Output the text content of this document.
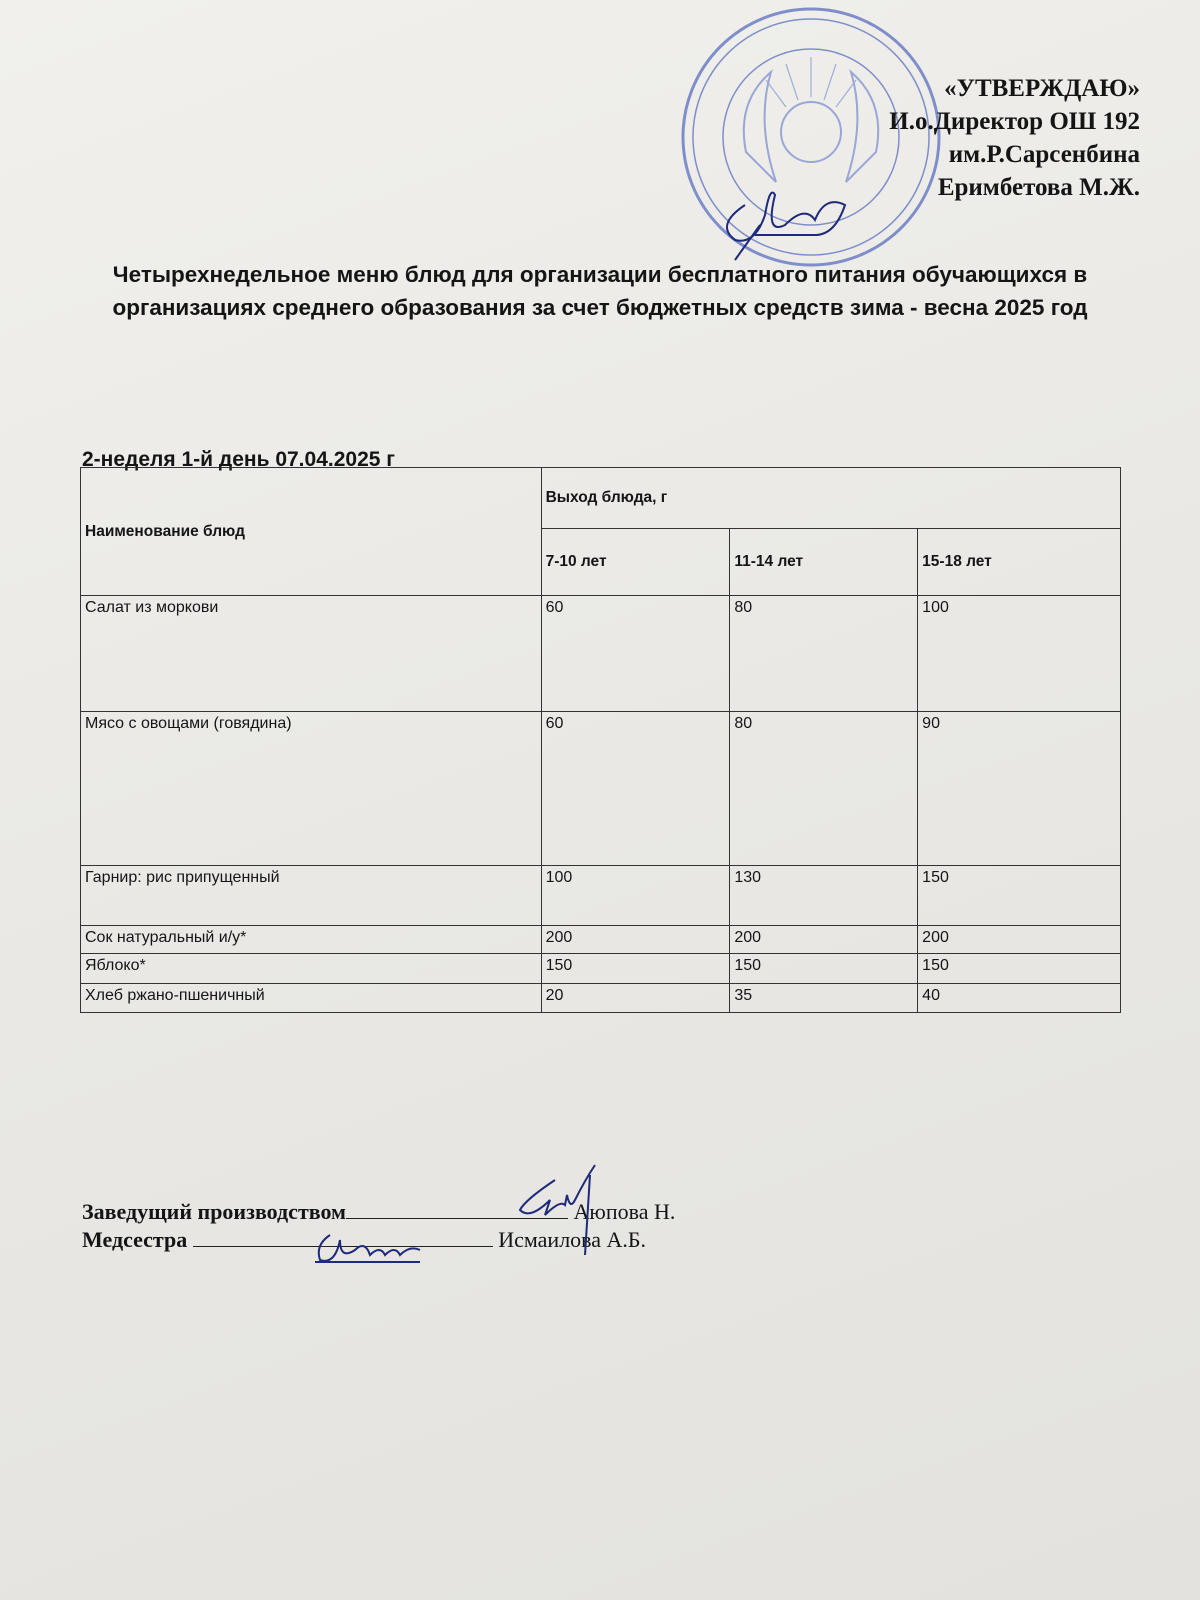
«УТВЕРЖДАЮ»
И.о.Директор ОШ 192
им.Р.Сарсенбина
Еримбетова М.Ж.
Четырехнедельное меню блюд для организации бесплатного питания обучающихся в организациях среднего образования за счет бюджетных средств зима - весна 2025 год
2-неделя 1-й день 07.04.2025 г
Наименование блюд	Выход блюда, г		
	7-10 лет	11-14 лет	15-18 лет
Салат из моркови	60	80	100
Мясо с овощами (говядина)	60	80	90
Гарнир: рис припущенный	100	130	150
Сок натуральный и/у*	200	200	200
Яблоко*	150	150	150
Хлеб ржано-пшеничный	20	35	40
Заведущий производством	Аюпова Н.
Медсестра	Исмаилова А.Б.
